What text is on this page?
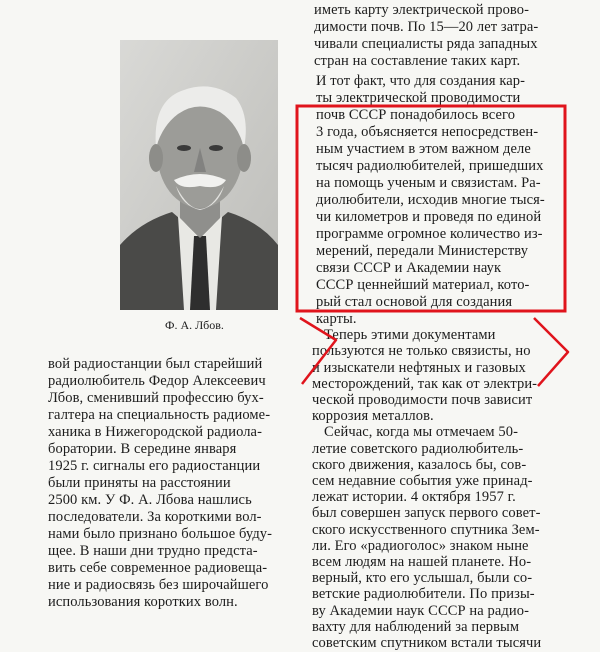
Ф. А. Лбов.
вой радиостанции был старейший
радиолюбитель Федор Алексеевич
Лбов, сменивший профессию бух-
галтера на специальность радиоме-
ханика в Нижегородской радиола-
боратории. В середине января
1925 г. сигналы его радиостанции
были приняты на расстоянии
2500 км. У Ф. А. Лбова нашлись
последователи. За короткими вол-
нами было признано большое буду-
щее. В наши дни трудно предста-
вить себе современное радиовеща-
ние и радиосвязь без широчайшего
использования коротких волн.
иметь карту электрической прово-
димости почв. По 15—20 лет затра-
чивали специалисты ряда западных
стран на составление таких карт.
И тот факт, что для создания кар-
ты электрической проводимости
почв СССР понадобилось всего
3 года, объясняется непосредствен-
ным участием в этом важном деле
тысяч радиолюбителей, пришедших
на помощь ученым и связистам. Ра-
диолюбители, исходив многие тыся-
чи километров и проведя по единой
программе огромное количество из-
мерений, передали Министерству
связи СССР и Академии наук
СССР ценнейший материал, кото-
рый стал основой для создания
карты.
Теперь этими документами
пользуются не только связисты, но
и изыскатели нефтяных и газовых
месторождений, так как от электри-
ческой проводимости почв зависит
коррозия металлов.
Сейчас, когда мы отмечаем 50-
летие советского радиолюбитель-
ского движения, казалось бы, сов-
сем недавние события уже принад-
лежат истории. 4 октября 1957 г.
был совершен запуск первого совет-
ского искусственного спутника Зем-
ли. Его «радиоголос» знаком ныне
всем людям на нашей планете. Но-
верный, кто его услышал, были со-
ветские радиолюбители. По призы-
ву Академии наук СССР на радио-
вахту для наблюдений за первым
советским спутником встали тысячи
